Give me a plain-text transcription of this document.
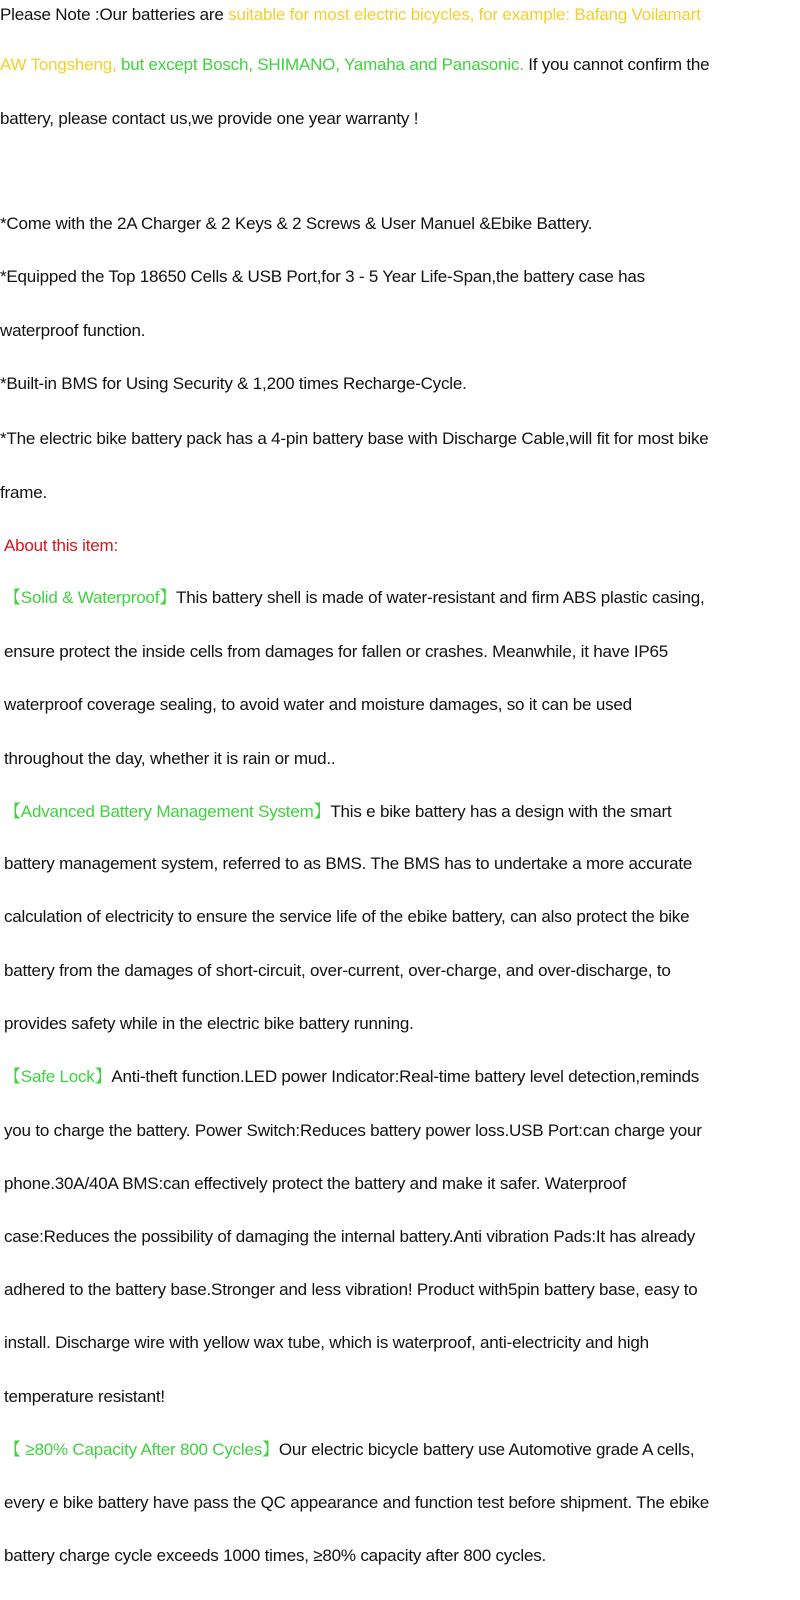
Please Note :Our batteries are suitable for most electric bicycles, for example: Bafang Voilamart
AW Tongsheng, but except Bosch, SHIMANO, Yamaha and Panasonic. If you cannot confirm the
battery, please contact us,we provide one year warranty !
*Come with the 2A Charger & 2 Keys & 2 Screws & User Manuel &Ebike Battery.
*Equipped the Top 18650 Cells & USB Port,for 3 - 5 Year Life-Span,the battery case has
waterproof function.
*Built-in BMS for Using Security & 1,200 times Recharge-Cycle.
*The electric bike battery pack has a 4-pin battery base with Discharge Cable,will fit for most bike
frame.
About this item:
【Solid & Waterproof】This battery shell is made of water-resistant and firm ABS plastic casing,
ensure protect the inside cells from damages for fallen or crashes. Meanwhile, it have IP65
waterproof coverage sealing, to avoid water and moisture damages, so it can be used
throughout the day, whether it is rain or mud..
【Advanced Battery Management System】This e bike battery has a design with the smart
battery management system, referred to as BMS. The BMS has to undertake a more accurate
calculation of electricity to ensure the service life of the ebike battery, can also protect the bike
battery from the damages of short-circuit, over-current, over-charge, and over-discharge, to
provides safety while in the electric bike battery running.
【Safe Lock】Anti-theft function.LED power Indicator:Real-time battery level detection,reminds
you to charge the battery. Power Switch:Reduces battery power loss.USB Port:can charge your
phone.30A/40A BMS:can effectively protect the battery and make it safer. Waterproof
case:Reduces the possibility of damaging the internal battery.Anti vibration Pads:It has already
adhered to the battery base.Stronger and less vibration! Product with5pin battery base, easy to
install. Discharge wire with yellow wax tube, which is waterproof, anti-electricity and high
temperature resistant!
【 ≥80% Capacity After 800 Cycles】Our electric bicycle battery use Automotive grade A cells,
every e bike battery have pass the QC appearance and function test before shipment. The ebike
battery charge cycle exceeds 1000 times, ≥80% capacity after 800 cycles.
